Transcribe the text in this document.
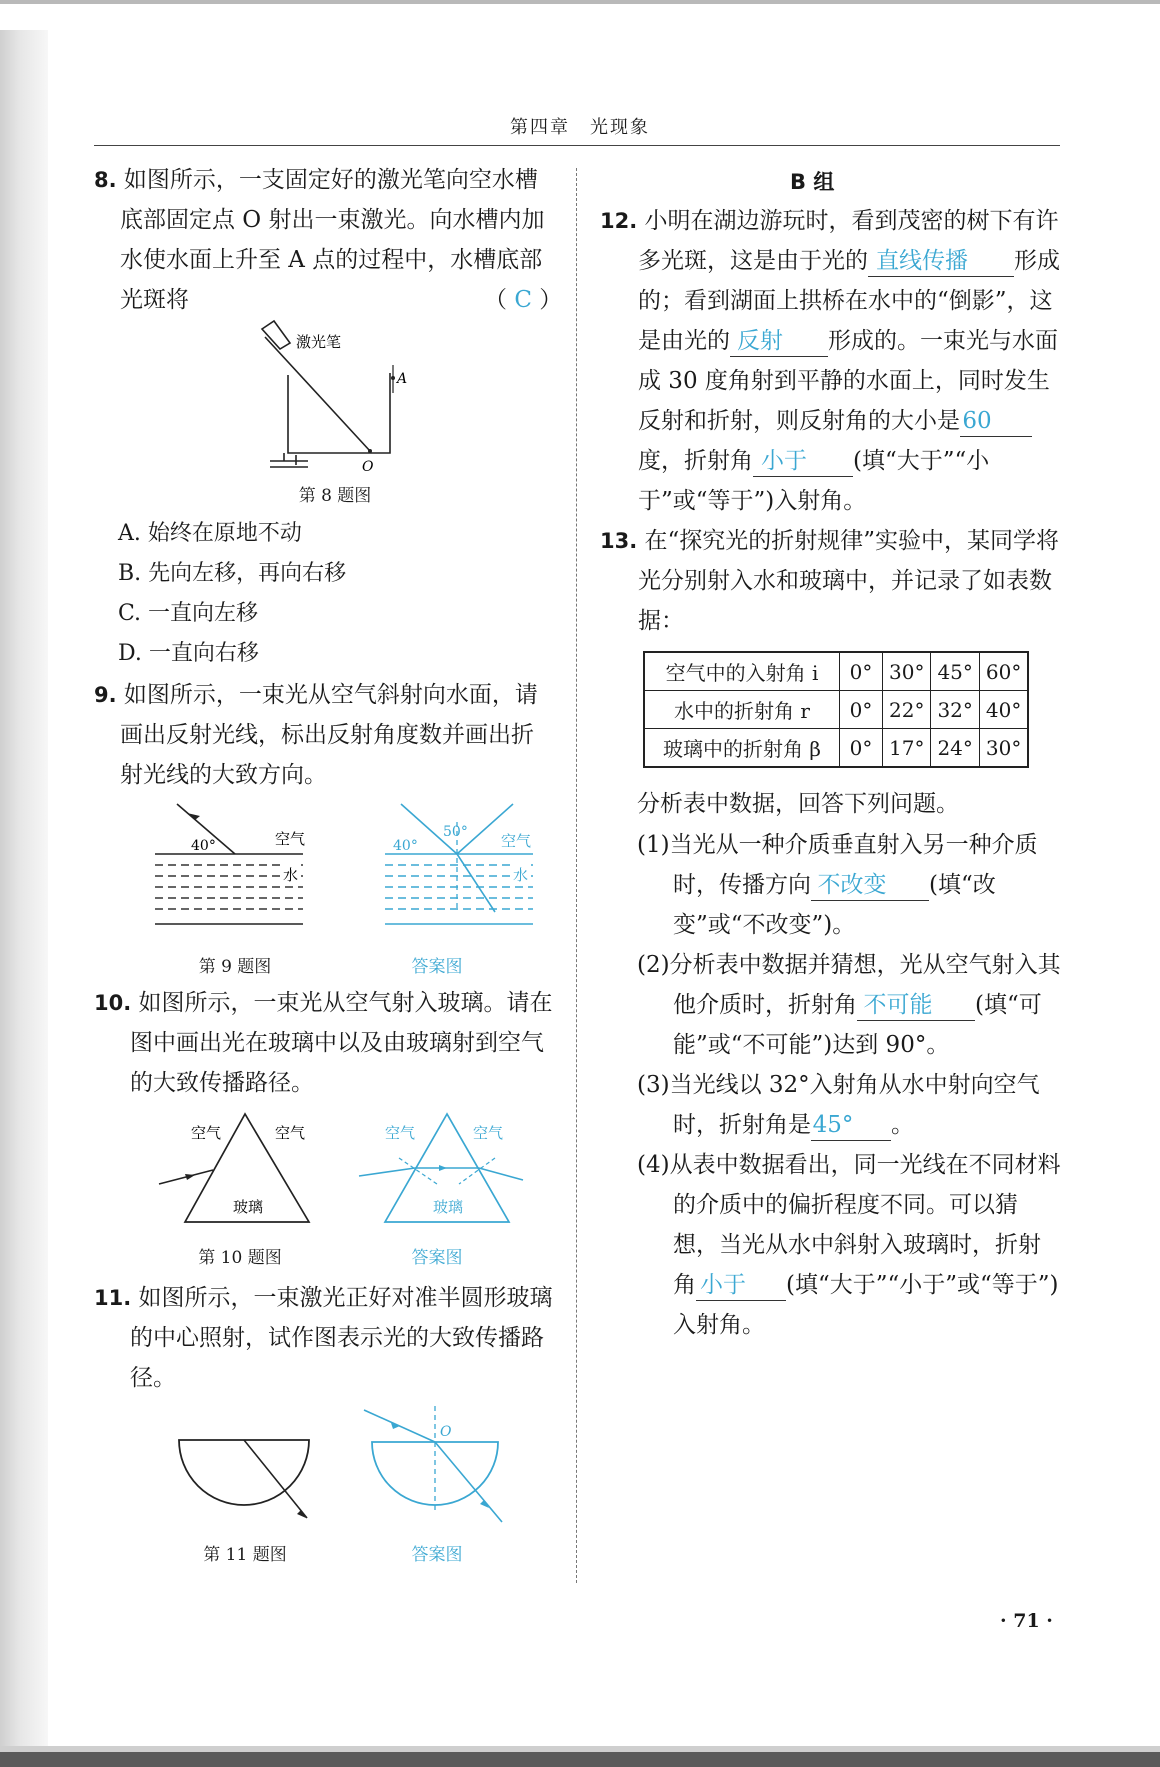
第四章　光现象

8. 如图所示，一支固定好的激光笔向空水槽底部固定点 O 射出一束激光。向水槽内加水使水面上升至 A 点的过程中，水槽底部光斑将	（ C ）
激光笔
A
O
第 8 题图

A. 始终在原地不动

B. 先向左移，再向右移

C. 一直向左移

D. 一直向右移

9. 如图所示，一束光从空气斜射向水面，请画出反射光线，标出反射角度数并画出折射光线的大致方向。

40°	空气
水
第 9 题图
40°
50° 空气
水
答案图

10. 如图所示，一束光从空气射入玻璃。请在图中画出光在玻璃中以及由玻璃射到空气的大致传播路径。

空气	空气
玻璃
第 10 题图
空气	空气
玻璃
答案图

11. 如图所示，一束激光正好对准半圆形玻璃的中心照射，试作图表示光的大致传播路径。

第 11 题图
O
答案图
B 组

12. 小明在湖边游玩时，看到茂密的树下有许多光斑，这是由于光的 直线传播 形成的；看到湖面上拱桥在水中的“倒影”，这是由光的 反射 形成的。一束光与水面成 30 度角射到平静的水面上，同时发生反射和折射，则反射角的大小是 60度，折射角 小于 (填“大于”“小于”或“等于”)入射角。

13. 在“探究光的折射规律”实验中，某同学将光分别射入水和玻璃中，并记录了如表数据：

空气中的入射角 i	0°	30°	45°	60°
水中的折射角 r	0°	22°	32°	40°
玻璃中的折射角 β	0°	17°	24°	30°
分析表中数据，回答下列问题。

(1)当光从一种介质垂直射入另一种介质时，传播方向 不改变 (填“改变”或“不改变”)。

(2)分析表中数据并猜想，光从空气射入其他介质时，折射角 不可能 (填“可能”或“不可能”)达到 90°。

(3)当光线以 32°入射角从水中射向空气时，折射角是45° 。

(4)从表中数据看出，同一光线在不同材料的介质中的偏折程度不同。可以猜想，当光从水中斜射入玻璃时，折射角 小于 (填“大于”“小于”或“等于”)入射角。

· 71 ·
